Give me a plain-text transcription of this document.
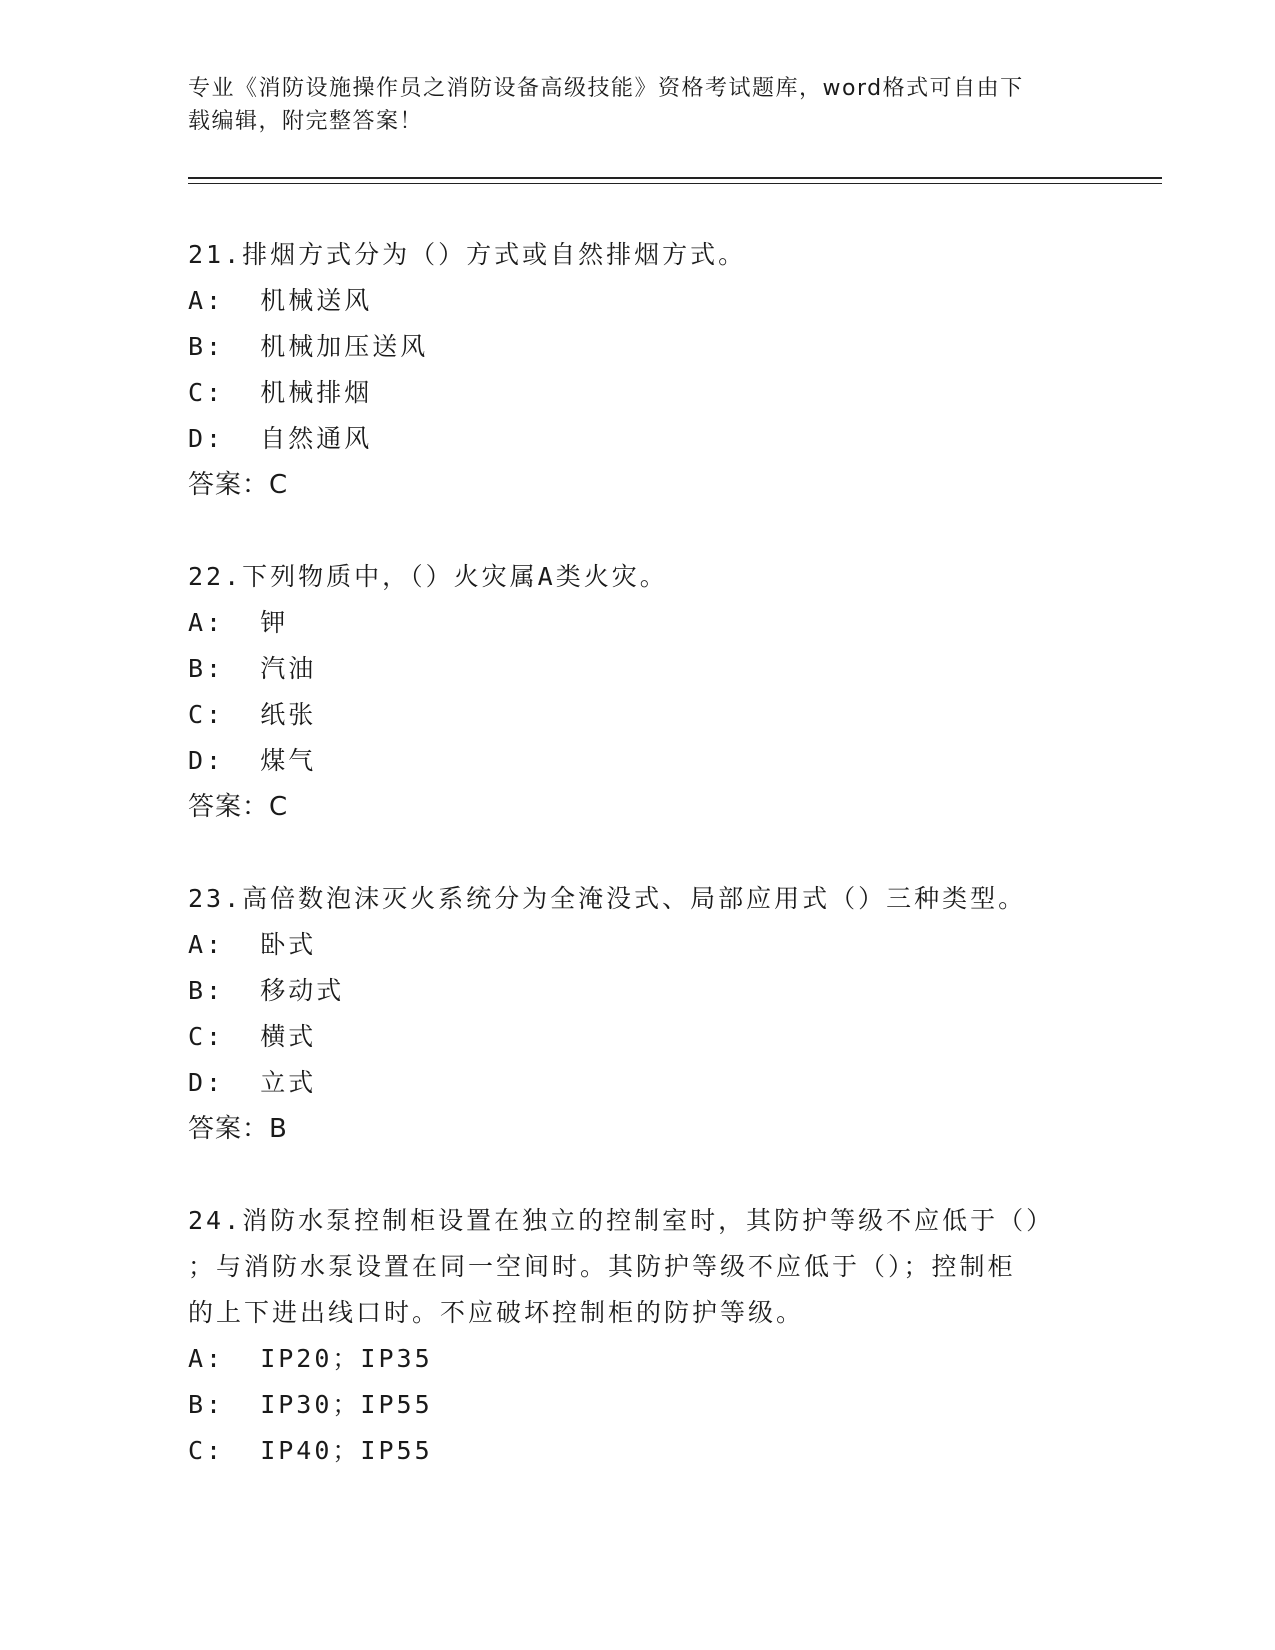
专业《消防设施操作员之消防设备高级技能》资格考试题库，word格式可自由下
载编辑，附完整答案！
21.排烟方式分为（）方式或自然排烟方式。
A:  机械送风
B:  机械加压送风
C:  机械排烟
D:  自然通风
答案：C
22.下列物质中，（）火灾属A类火灾。
A:  钾
B:  汽油
C:  纸张
D:  煤气
答案：C
23.高倍数泡沫灭火系统分为全淹没式、局部应用式（）三种类型。
A:  卧式
B:  移动式
C:  横式
D:  立式
答案：B
24.消防水泵控制柜设置在独立的控制室时，其防护等级不应低于（）
；与消防水泵设置在同一空间时。其防护等级不应低于（）；控制柜
的上下进出线口时。不应破坏控制柜的防护等级。
A:  IP20；IP35
B:  IP30；IP55
C:  IP40；IP55
